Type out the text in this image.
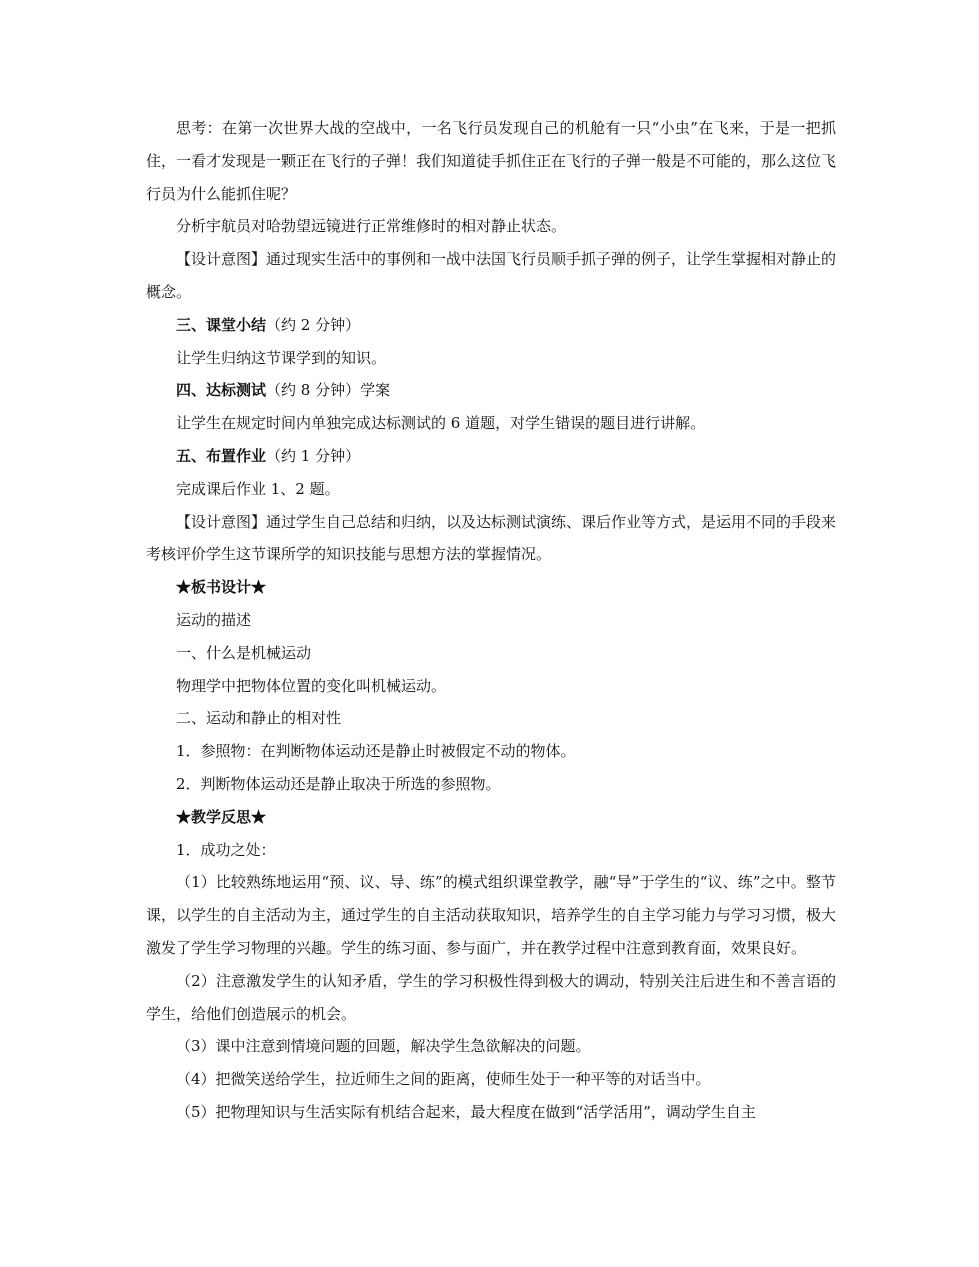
思考：在第一次世界大战的空战中，一名飞行员发现自己的机舱有一只“小虫”在飞来，于是一把抓住，一看才发现是一颗正在飞行的子弹！我们知道徒手抓住正在飞行的子弹一般是不可能的，那么这位飞行员为什么能抓住呢？

分析宇航员对哈勃望远镜进行正常维修时的相对静止状态。

【设计意图】通过现实生活中的事例和一战中法国飞行员顺手抓子弹的例子，让学生掌握相对静止的概念。

三、课堂小结（约 2 分钟）

让学生归纳这节课学到的知识。

四、达标测试（约 8 分钟）学案

让学生在规定时间内单独完成达标测试的 6 道题，对学生错误的题目进行讲解。

五、布置作业（约 1 分钟）

完成课后作业 1、2 题。

【设计意图】通过学生自己总结和归纳，以及达标测试演练、课后作业等方式，是运用不同的手段来考核评价学生这节课所学的知识技能与思想方法的掌握情况。

★板书设计★

运动的描述

一、什么是机械运动

物理学中把物体位置的变化叫机械运动。

二、运动和静止的相对性

1．参照物：在判断物体运动还是静止时被假定不动的物体。

2．判断物体运动还是静止取决于所选的参照物。

★教学反思★

1．成功之处：

（1）比较熟练地运用“预、议、导、练”的模式组织课堂教学，融“导”于学生的“议、练”之中。整节课，以学生的自主活动为主，通过学生的自主活动获取知识，培养学生的自主学习能力与学习习惯，极大激发了学生学习物理的兴趣。学生的练习面、参与面广，并在教学过程中注意到教育面，效果良好。

（2）注意激发学生的认知矛盾，学生的学习积极性得到极大的调动，特别关注后进生和不善言语的学生，给他们创造展示的机会。

（3）课中注意到情境问题的回题，解决学生急欲解决的问题。

（4）把微笑送给学生，拉近师生之间的距离，使师生处于一种平等的对话当中。

（5）把物理知识与生活实际有机结合起来，最大程度在做到“活学活用”，调动学生自主
